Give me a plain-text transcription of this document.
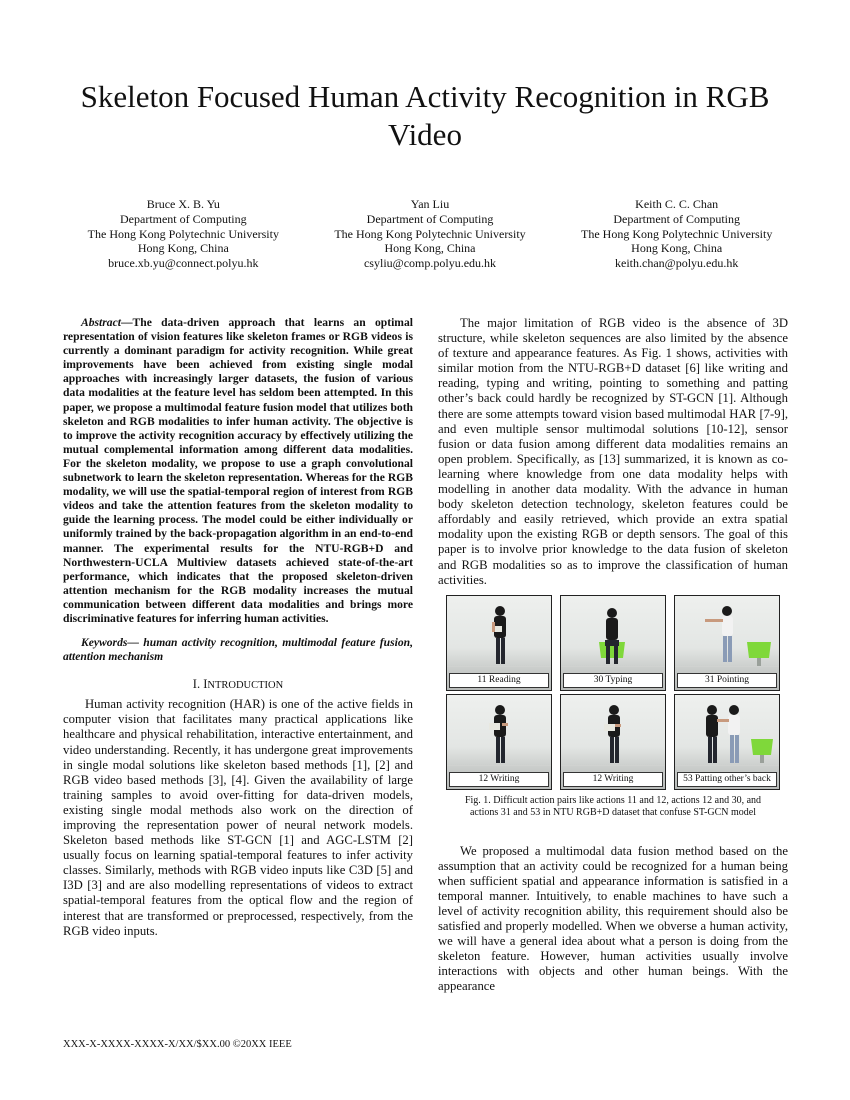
Skeleton Focused Human Activity Recognition in RGB Video
Bruce X. B. Yu
Department of Computing
The Hong Kong Polytechnic University
Hong Kong, China
bruce.xb.yu@connect.polyu.hk
Yan Liu
Department of Computing
The Hong Kong Polytechnic University
Hong Kong, China
csyliu@comp.polyu.edu.hk
Keith C. C. Chan
Department of Computing
The Hong Kong Polytechnic University
Hong Kong, China
keith.chan@polyu.edu.hk

Abstract—The data-driven approach that learns an optimal representation of vision features like skeleton frames or RGB videos is currently a dominant paradigm for activity recognition. While great improvements have been achieved from existing single modal approaches with increasingly larger datasets, the fusion of various data modalities at the feature level has seldom been attempted. In this paper, we propose a multimodal feature fusion model that utilizes both skeleton and RGB modalities to infer human activity. The objective is to improve the activity recognition accuracy by effectively utilizing the mutual complemental information among different data modalities. For the skeleton modality, we propose to use a graph convolutional subnetwork to learn the skeleton representation. Whereas for the RGB modality, we will use the spatial-temporal region of interest from RGB videos and take the attention features from the skeleton modality to guide the learning process. The model could be either individually or uniformly trained by the back-propagation algorithm in an end-to-end manner. The experimental results for the NTU-RGB+D and Northwestern-UCLA Multiview datasets achieved state-of-the-art performance, which indicates that the proposed skeleton-driven attention mechanism for the RGB modality increases the mutual communication between different data modalities and brings more discriminative features for inferring human activities.

Keywords— human activity recognition, multimodal feature fusion, attention mechanism

I. INTRODUCTION

Human activity recognition (HAR) is one of the active fields in computer vision that facilitates many practical applications like healthcare and physical rehabilitation, interactive entertainment, and video understanding. Recently, it has undergone great improvements in single modal solutions like skeleton based methods [1], [2] and RGB video based methods [3], [4]. Given the availability of large training samples to avoid over-fitting for data-driven models, existing single modal methods also work on the direction of improving the representation power of neural network models. Skeleton based methods like ST-GCN [1] and AGC-LSTM [2] usually focus on learning spatial-temporal features to infer activity classes. Similarly, methods with RGB video inputs like C3D [5] and I3D [3] and are also modelling representations of videos to extract spatial-temporal features from the optical flow and the region of interest that are transformed or preprocessed, respectively, from the RGB video inputs.

The major limitation of RGB video is the absence of 3D structure, while skeleton sequences are also limited by the absence of texture and appearance features. As Fig. 1 shows, activities with similar motion from the NTU-RGB+D dataset [6] like writing and reading, typing and writing, pointing to something and patting other’s back could hardly be recognized by ST-GCN [1]. Although there are some attempts toward vision based multimodal HAR [7-9], and even multiple sensor multimodal solutions [10-12], sensor fusion or data fusion among different data modalities remains an open problem. Specifically, as [13] summarized, it is known as co-learning where knowledge from one data modality helps with modelling in another data modality. With the advance in human body skeleton detection technology, skeleton features could be affordably and easily retrieved, which provide an extra spatial modality upon the existing RGB or depth sensors. The goal of this paper is to involve prior knowledge to the data fusion of skeleton and RGB modalities so as to improve the classification of human activities.

11 Reading	30 Typing	31 Pointing
12 Writing	12 Writing	53 Patting other’s back
Fig. 1. Difficult action pairs like actions 11 and 12, actions 12 and 30, and
actions 31 and 53 in NTU RGB+D dataset that confuse ST-GCN model

We proposed a multimodal data fusion method based on the assumption that an activity could be recognized for a human being when sufficient spatial and appearance information is satisfied in a temporal manner. Intuitively, to enable machines to have such a level of activity recognition ability, this requirement should also be satisfied and properly modelled. When we obverse a human activity, we will have a general idea about what a person is doing from the skeleton feature. However, human activities usually involve interactions with objects and other human beings. With the appearance

XXX-X-XXXX-XXXX-X/XX/$XX.00 ©20XX IEEE
